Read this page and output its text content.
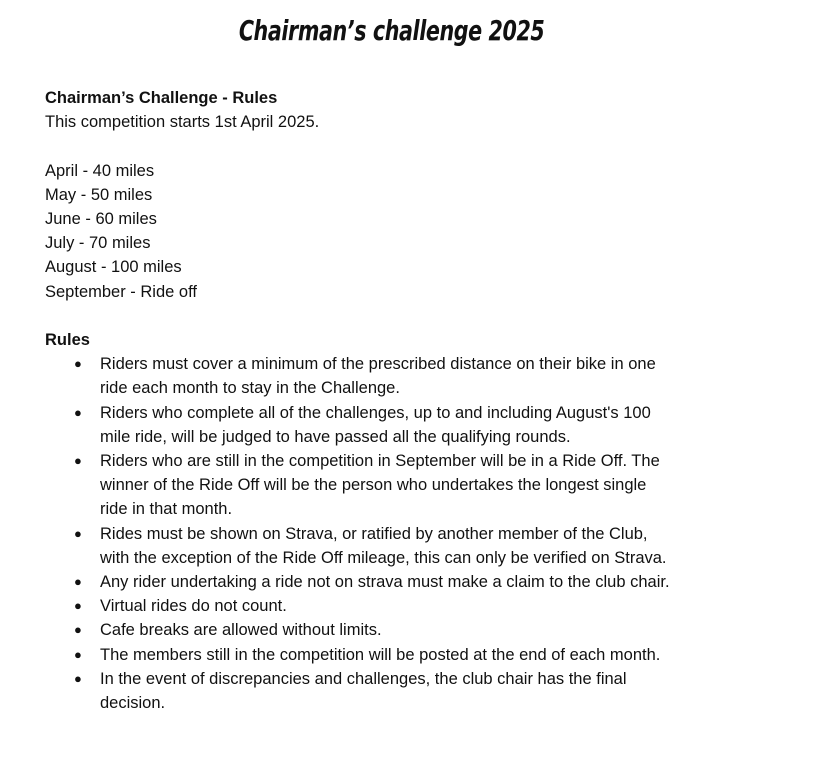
Chairman’s challenge 2025
Chairman’s Challenge - Rules
This competition starts 1st April 2025.
April - 40 miles
May - 50 miles
June - 60 miles
July - 70 miles
August - 100 miles
September - Ride off
Rules
● Riders must cover a minimum of the prescribed distance on their bike in one
ride each month to stay in the Challenge.
● Riders who complete all of the challenges, up to and including August's 100
mile ride, will be judged to have passed all the qualifying rounds.
● Riders who are still in the competition in September will be in a Ride Off. The
winner of the Ride Off will be the person who undertakes the longest single
ride in that month.
● Rides must be shown on Strava, or ratified by another member of the Club,
with the exception of the Ride Off mileage, this can only be verified on Strava.
● Any rider undertaking a ride not on strava must make a claim to the club chair.
● Virtual rides do not count.
● Cafe breaks are allowed without limits.
● The members still in the competition will be posted at the end of each month.
● In the event of discrepancies and challenges, the club chair has the final
decision.
